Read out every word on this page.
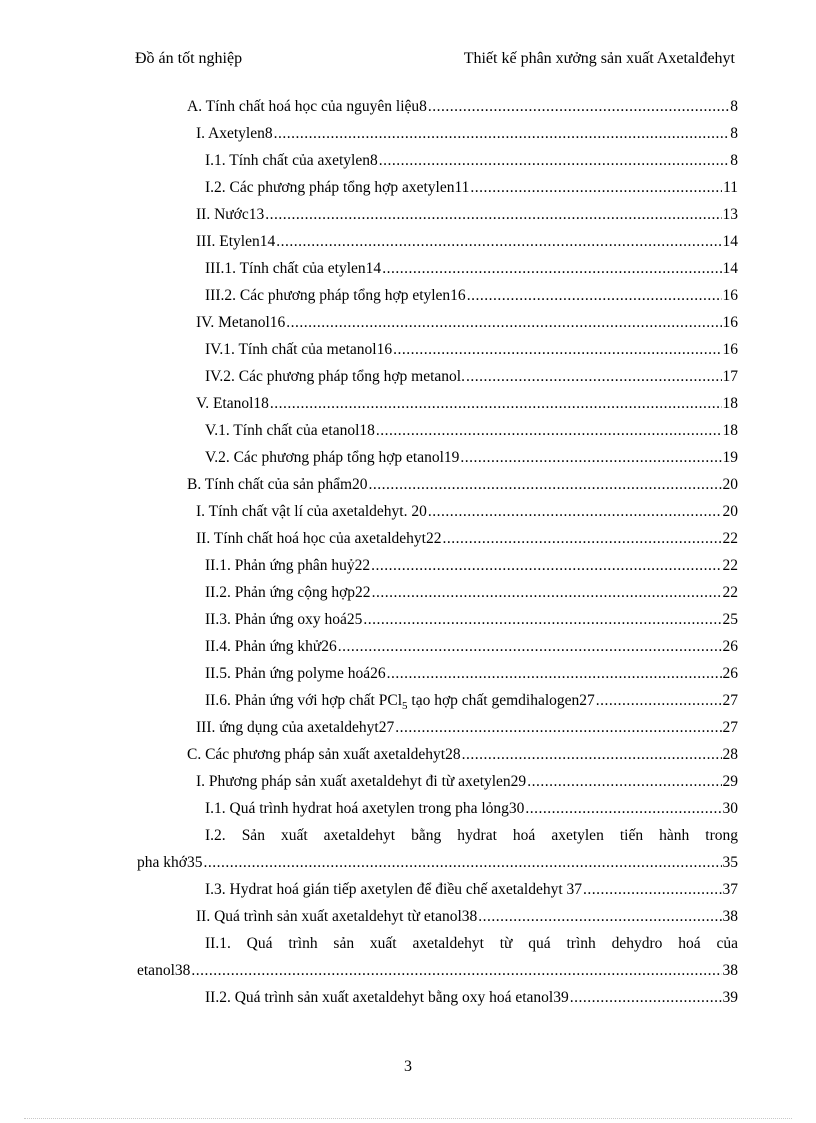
Đồ án tốt nghiệp	Thiết kế phân xưởng sản xuất Axetalđehyt
A. Tính chất hoá học của nguyên liệu8 .....	8
I. Axetylen8 .....	8
I.1. Tính chất của axetylen8 .....	8
I.2. Các phương pháp tổng hợp axetylen11 .....	11
II. Nước13 .....	13
III. Etylen14 .....	14
III.1. Tính chất của etylen14 .....	14
III.2. Các phương pháp tổng hợp etylen16 .....	16
IV. Metanol16 .....	16
IV.1. Tính chất của metanol16 .....	16
IV.2. Các phương pháp tổng hợp metanol. .....	17
V. Etanol18 .....	18
V.1. Tính chất của etanol18 .....	18
V.2. Các phương pháp tổng hợp etanol19 .....	19
B. Tính chất của sản phẩm20 .....	20
I. Tính chất vật lí của axetaldehyt. 20 .....	20
II. Tính chất hoá học của axetaldehyt22 .....	22
II.1. Phản ứng phân huỷ22 .....	22
II.2. Phản ứng cộng hợp22 .....	22
II.3. Phản ứng oxy hoá25 .....	25
II.4. Phản ứng khử26 .....	26
II.5. Phản ứng polyme hoá26 .....	26
II.6. Phản ứng với hợp chất PCl$_5$ tạo hợp chất gemdihalogen27 .....	27
III. ứng dụng của axetaldehyt27 .....	27
C. Các phương pháp sản xuất axetaldehyt28 .....	28
I. Phương pháp sản xuất axetaldehyt đi từ axetylen29 .....	29
I.1. Quá trình hydrat hoá axetylen trong pha lỏng30 .....	30
I.2. Sản xuất axetaldehyt bằng hydrat hoá axetylen tiến hành trong
pha khớ35 .....	35
I.3. Hydrat hoá gián tiếp axetylen để điều chế axetaldehyt 37 .....	37
II. Quá trình sản xuất axetaldehyt từ etanol38 .....	38
II.1. Quá trình sản xuất axetaldehyt từ quá trình dehydro hoá của
etanol38 .....	38
II.2. Quá trình sản xuất axetaldehyt bằng oxy hoá etanol39 .....	39
3
